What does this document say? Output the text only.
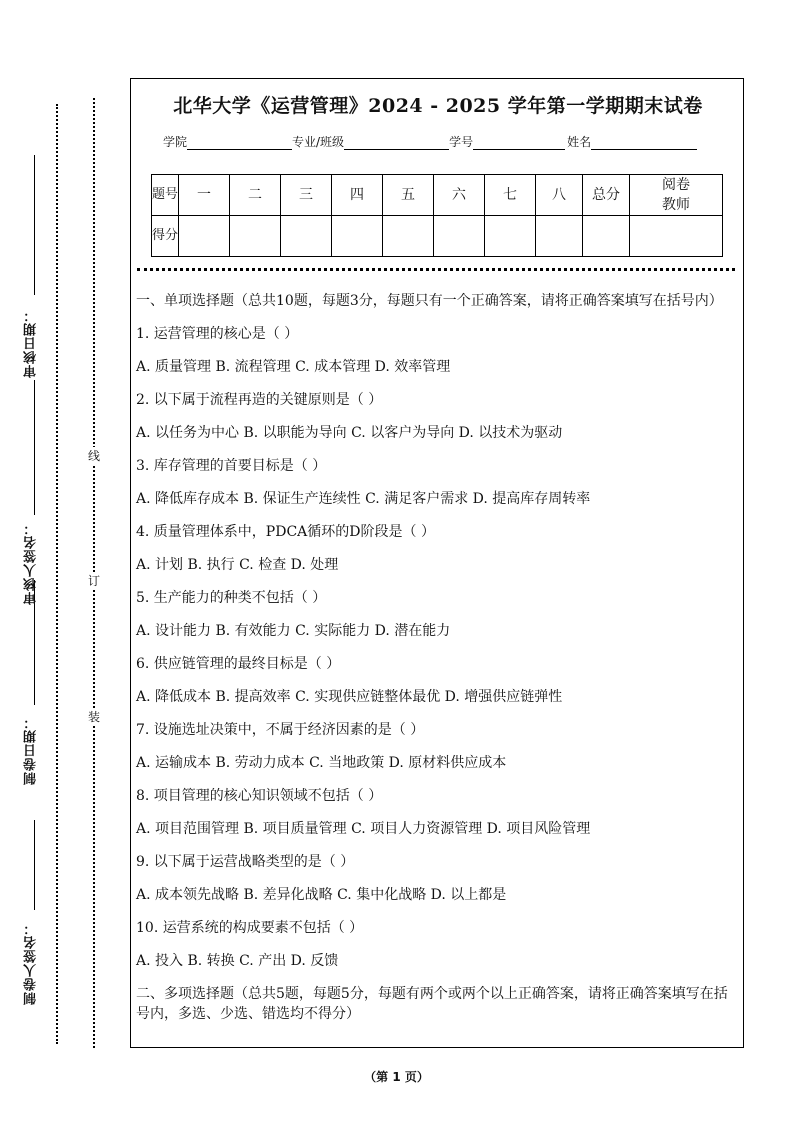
审核日期：
审核人签名：
制卷日期：
制卷人签名：
线
订
装
北华大学《运营管理》2024 - 2025 学年第一学期期末试卷
学院	专业/班级	学号	姓名
题号	一	二	三	四	五	六	七	八	总分	阅卷教师
得分										

一、单项选择题（总共10题，每题3分，每题只有一个正确答案，请将正确答案填写在括号内）

1. 运营管理的核心是（ ）

A. 质量管理 B. 流程管理 C. 成本管理 D. 效率管理

2. 以下属于流程再造的关键原则是（ ）

A. 以任务为中心 B. 以职能为导向 C. 以客户为导向 D. 以技术为驱动

3. 库存管理的首要目标是（ ）

A. 降低库存成本 B. 保证生产连续性 C. 满足客户需求 D. 提高库存周转率

4. 质量管理体系中，PDCA循环的D阶段是（ ）

A. 计划 B. 执行 C. 检查 D. 处理

5. 生产能力的种类不包括（ ）

A. 设计能力 B. 有效能力 C. 实际能力 D. 潜在能力

6. 供应链管理的最终目标是（ ）

A. 降低成本 B. 提高效率 C. 实现供应链整体最优 D. 增强供应链弹性

7. 设施选址决策中，不属于经济因素的是（ ）

A. 运输成本 B. 劳动力成本 C. 当地政策 D. 原材料供应成本

8. 项目管理的核心知识领域不包括（ ）

A. 项目范围管理 B. 项目质量管理 C. 项目人力资源管理 D. 项目风险管理

9. 以下属于运营战略类型的是（ ）

A. 成本领先战略 B. 差异化战略 C. 集中化战略 D. 以上都是

10. 运营系统的构成要素不包括（ ）

A. 投入 B. 转换 C. 产出 D. 反馈

二、多项选择题（总共5题，每题5分，每题有两个或两个以上正确答案，请将正确答案填写在括号内，多选、少选、错选均不得分）

（第 1 页）
